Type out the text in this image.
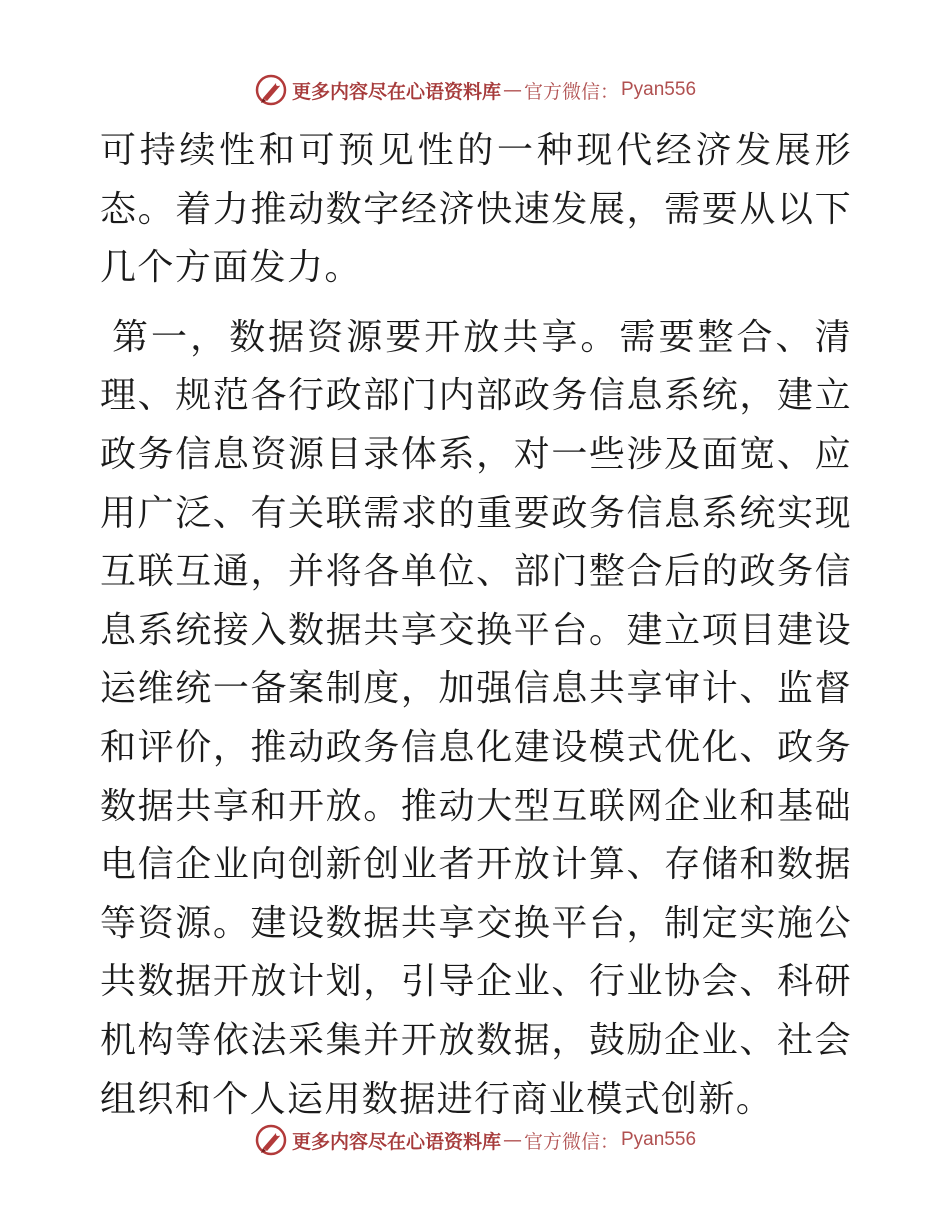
更多内容尽在心语资料库 — 官方微信： Pyan556

可持续性和可预见性的一种现代经济发展形态。着力推动数字经济快速发展，需要从以下几个方面发力。

第一，数据资源要开放共享。需要整合、清理、规范各行政部门内部政务信息系统，建立政务信息资源目录体系，对一些涉及面宽、应用广泛、有关联需求的重要政务信息系统实现互联互通，并将各单位、部门整合后的政务信息系统接入数据共享交换平台。建立项目建设运维统一备案制度，加强信息共享审计、监督和评价，推动政务信息化建设模式优化、政务数据共享和开放。推动大型互联网企业和基础电信企业向创新创业者开放计算、存储和数据等资源。建设数据共享交换平台，制定实施公共数据开放计划，引导企业、行业协会、科研机构等依法采集并开放数据，鼓励企业、社会组织和个人运用数据进行商业模式创新。

更多内容尽在心语资料库 — 官方微信： Pyan556
